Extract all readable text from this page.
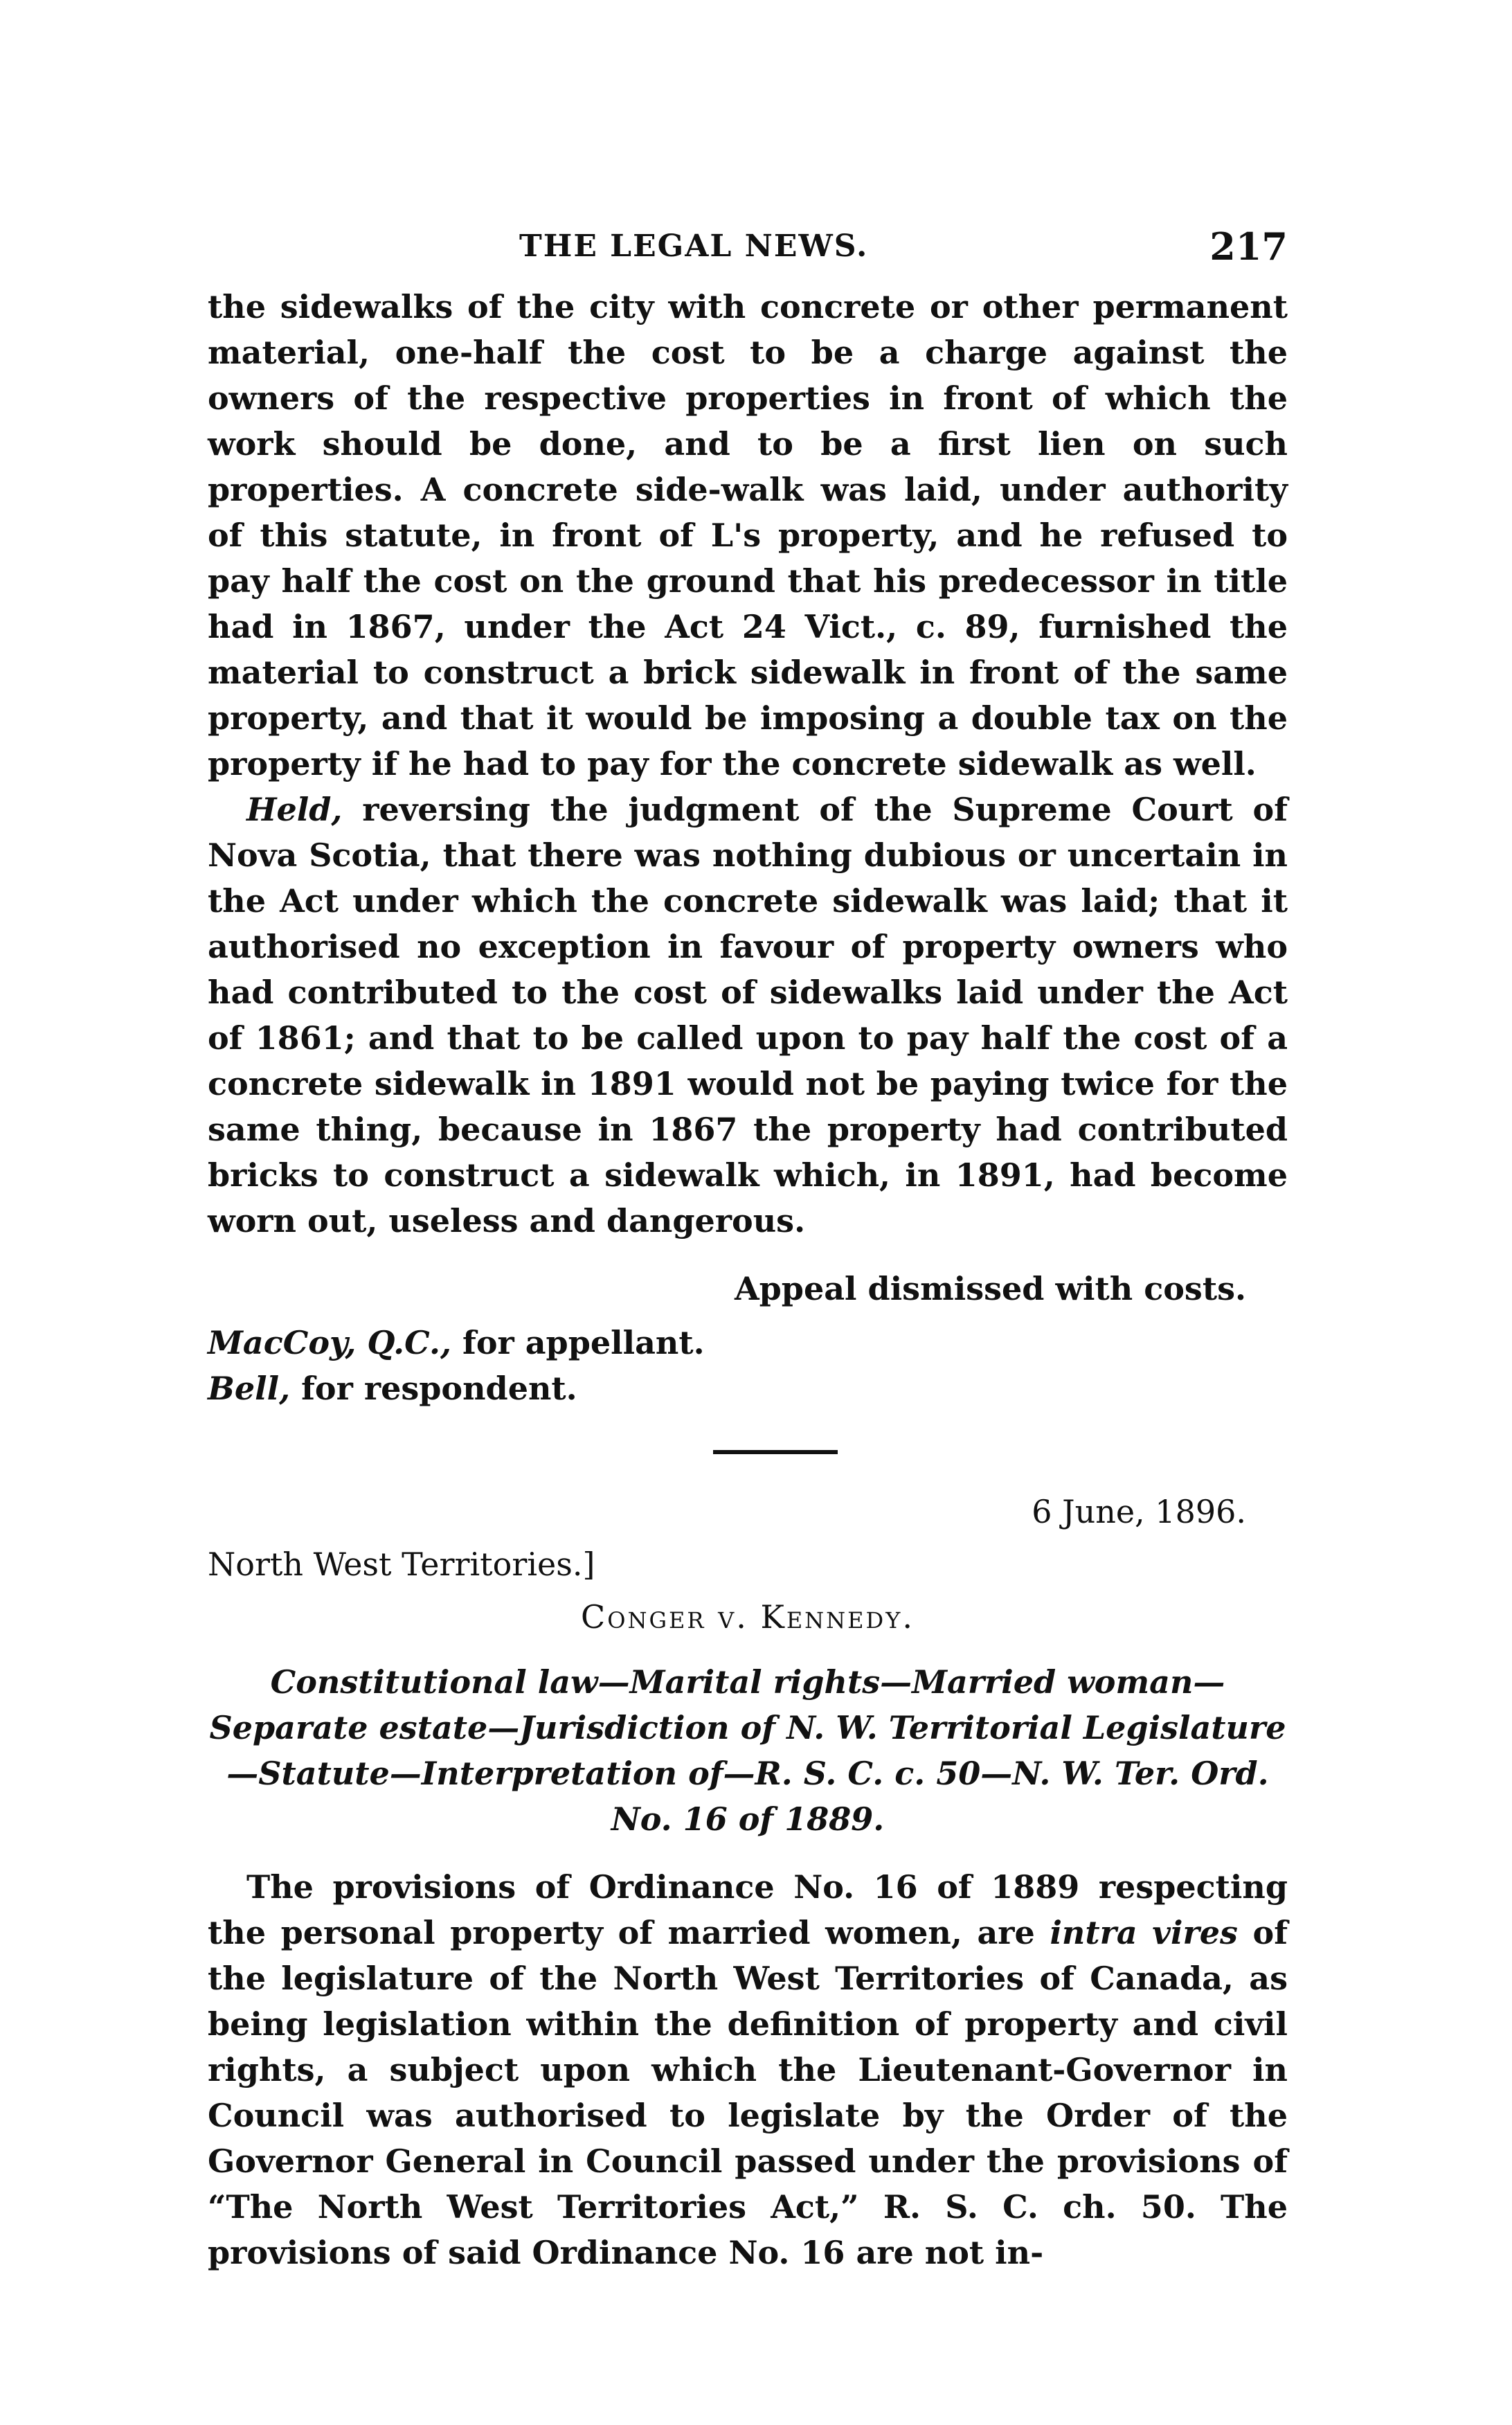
THE LEGAL NEWS.	217

the sidewalks of the city with concrete or other permanent material, one-half the cost to be a charge against the owners of the respective properties in front of which the work should be done, and to be a first lien on such properties. A concrete side-walk was laid, under authority of this statute, in front of L's property, and he refused to pay half the cost on the ground that his predecessor in title had in 1867, under the Act 24 Vict., c. 89, furnished the material to construct a brick sidewalk in front of the same property, and that it would be imposing a double tax on the property if he had to pay for the concrete sidewalk as well.

Held, reversing the judgment of the Supreme Court of Nova Scotia, that there was nothing dubious or uncertain in the Act under which the concrete sidewalk was laid; that it authorised no exception in favour of property owners who had contributed to the cost of sidewalks laid under the Act of 1861; and that to be called upon to pay half the cost of a concrete sidewalk in 1891 would not be paying twice for the same thing, because in 1867 the property had contributed bricks to construct a sidewalk which, in 1891, had become worn out, useless and dangerous.

Appeal dismissed with costs.

MacCoy, Q.C., for appellant.

Bell, for respondent.

6 June, 1896.

North West Territories.]

Conger v. Kennedy.

Constitutional law—Marital rights—Married woman—Separate estate—Jurisdiction of N. W. Territorial Legislature—Statute—Interpretation of—R. S. C. c. 50—N. W. Ter. Ord. No. 16 of 1889.

The provisions of Ordinance No. 16 of 1889 respecting the personal property of married women, are intra vires of the legislature of the North West Territories of Canada, as being legislation within the definition of property and civil rights, a subject upon which the Lieutenant-Governor in Council was authorised to legislate by the Order of the Governor General in Council passed under the provisions of “The North West Territories Act,” R. S. C. ch. 50. The provisions of said Ordinance No. 16 are not in-
